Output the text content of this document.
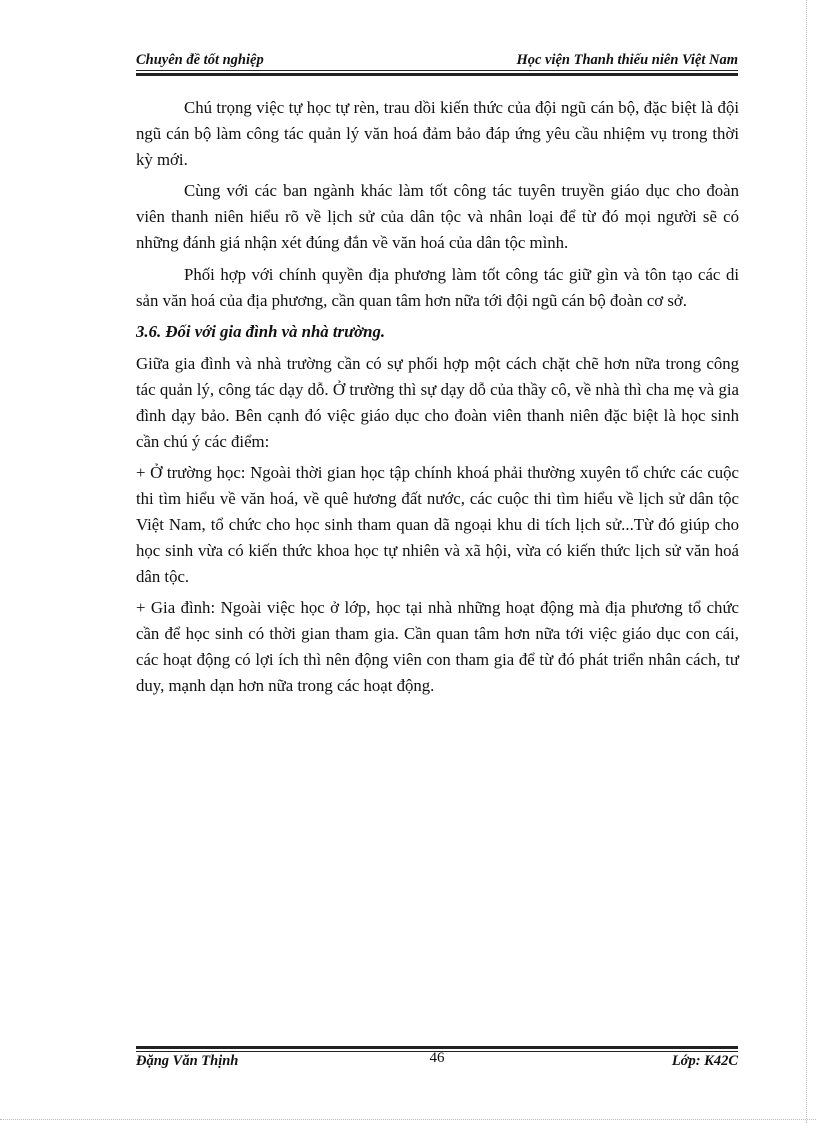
Chuyên đề tốt nghiệp	Học viện Thanh thiếu niên Việt Nam

Chú trọng việc tự học tự rèn, trau dồi kiến thức của đội ngũ cán bộ, đặc biệt là đội ngũ cán bộ làm công tác quản lý văn hoá đảm bảo đáp ứng yêu cầu nhiệm vụ trong thời kỳ mới.

Cùng với các ban ngành khác làm tốt công tác tuyên truyền giáo dục cho đoàn viên thanh niên hiểu rõ về lịch sử của dân tộc và nhân loại để từ đó mọi người sẽ có những đánh giá nhận xét đúng đắn về văn hoá của dân tộc mình.

Phối hợp với chính quyền địa phương làm tốt công tác giữ gìn và tôn tạo các di sản văn hoá của địa phương, cần quan tâm hơn nữa tới đội ngũ cán bộ đoàn cơ sở.

3.6. Đối với gia đình và nhà trường.

Giữa gia đình và nhà trường cần có sự phối hợp một cách chặt chẽ hơn nữa trong công tác quản lý, công tác dạy dỗ. Ở trường thì sự dạy dỗ của thầy cô, về nhà thì cha mẹ và gia đình dạy bảo. Bên cạnh đó việc giáo dục cho đoàn viên thanh niên đặc biệt là học sinh cần chú ý các điểm:

+ Ở trường học: Ngoài thời gian học tập chính khoá phải thường xuyên tổ chức các cuộc thi tìm hiểu về văn hoá, về quê hương đất nước, các cuộc thi tìm hiểu về lịch sử dân tộc Việt Nam, tổ chức cho học sinh tham quan dã ngoại khu di tích lịch sử...Từ đó giúp cho học sinh vừa có kiến thức khoa học tự nhiên và xã hội, vừa có kiến thức lịch sử văn hoá dân tộc.

+ Gia đình: Ngoài việc học ở lớp, học tại nhà những hoạt động mà địa phương tổ chức cần để học sinh có thời gian tham gia. Cần quan tâm hơn nữa tới việc giáo dục con cái, các hoạt động có lợi ích thì nên động viên con tham gia để từ đó phát triển nhân cách, tư duy, mạnh dạn hơn nữa trong các hoạt động.

Đặng Văn Thịnh	46	Lớp: K42C
